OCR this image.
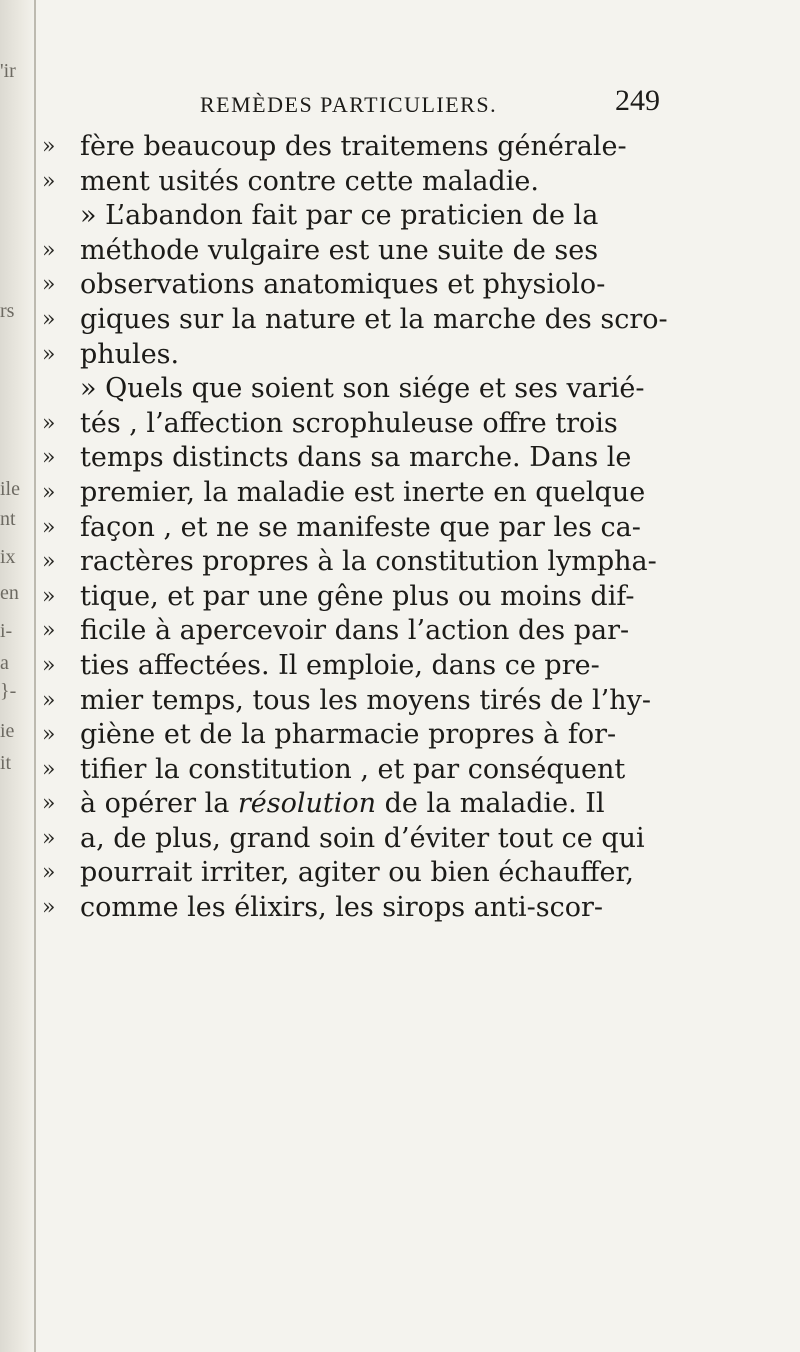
'ir
rs
ile
nt
ix
en
i-
a
}-
ie
it
REMÈDES PARTICULIERS.	249
» fère beaucoup des traitemens générale-
» ment usités contre cette maladie.
» L’abandon fait par ce praticien de la
» méthode vulgaire est une suite de ses
» observations anatomiques et physiolo-
» giques sur la nature et la marche des scro-
» phules.
» Quels que soient son siége et ses varié-
» tés , l’affection scrophuleuse offre trois
» temps distincts dans sa marche. Dans le
» premier, la maladie est inerte en quelque
» façon , et ne se manifeste que par les ca-
» ractères propres à la constitution lympha-
» tique, et par une gêne plus ou moins dif-
» ficile à apercevoir dans l’action des par-
» ties affectées. Il emploie, dans ce pre-
» mier temps, tous les moyens tirés de l’hy-
» giène et de la pharmacie propres à for-
» tifier la constitution , et par conséquent
» à opérer la résolution de la maladie. Il
» a, de plus, grand soin d’éviter tout ce qui
» pourrait irriter, agiter ou bien échauffer,
» comme les élixirs, les sirops anti-scor-
